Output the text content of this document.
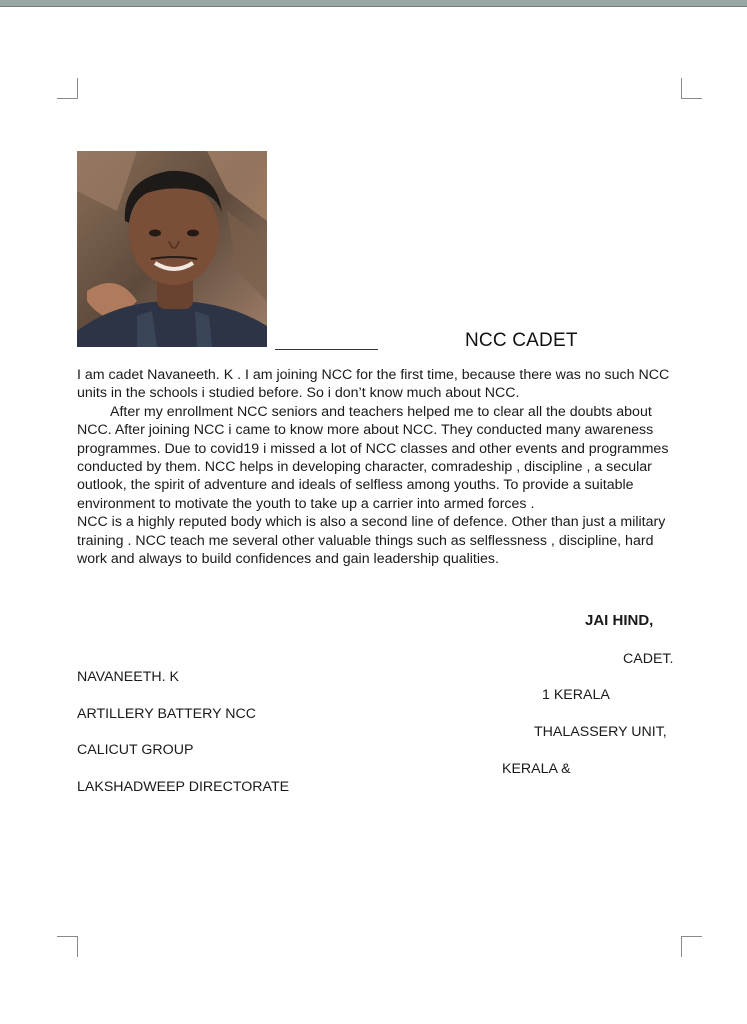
NCC CADET

I am cadet Navaneeth. K . I am joining NCC for the first time, because there was no such NCC units in the schools i studied before. So i don’t know much about NCC.

After my enrollment NCC seniors and teachers helped me to clear all the doubts about NCC. After joining NCC i came to know more about NCC. They conducted many awareness programmes. Due to covid19 i missed a lot of NCC classes and other events and programmes conducted by them. NCC helps in developing character, comradeship , discipline , a secular outlook, the spirit of adventure and ideals of selfless among youths. To provide a suitable environment to motivate the youth to take up a carrier into armed forces .

NCC is a highly reputed body which is also a second line of defence. Other than just a military training . NCC teach me several other valuable things such as selflessness , discipline, hard work and always to build confidences and gain leadership qualities.

JAI HIND,
CADET.
NAVANEETH. K
1 KERALA
ARTILLERY BATTERY NCC
THALASSERY UNIT,
CALICUT GROUP
KERALA &
LAKSHADWEEP DIRECTORATE
